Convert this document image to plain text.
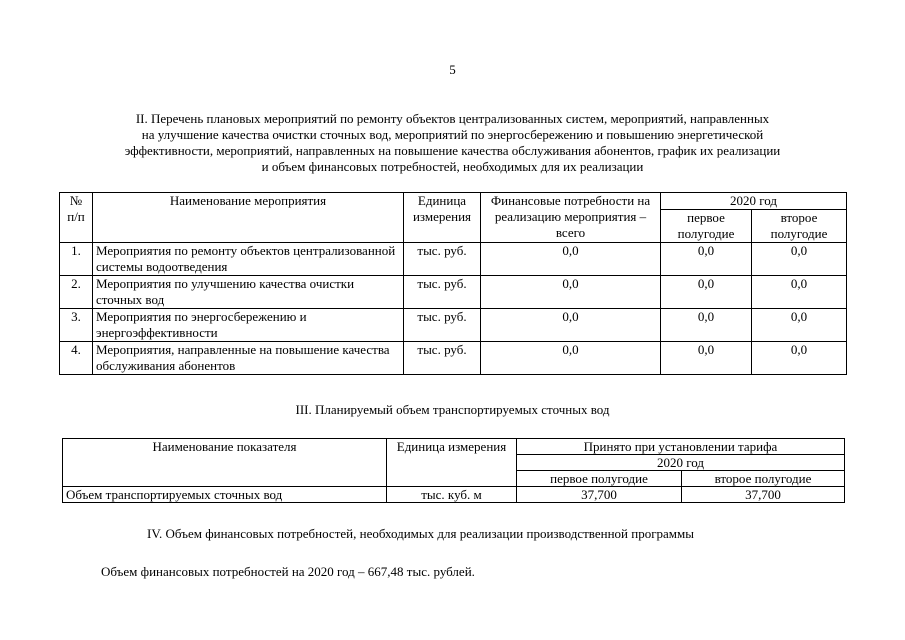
5
II. Перечень плановых мероприятий по ремонту объектов централизованных систем, мероприятий, направленных
на улучшение качества очистки сточных вод, мероприятий по энергосбережению и повышению энергетической
эффективности, мероприятий, направленных на повышение качества обслуживания абонентов, график их реализации
и объем финансовых потребностей, необходимых для их реализации
№ п/п	Наименование мероприятия	Единица измерения	Финансовые потребности на реализацию мероприятия – всего	2020 год	
				первое полугодие	второе полугодие

1.	Мероприятия по ремонту объектов централизованной системы водоотведения	тыс. руб.	0,0	0,0	0,0
2.	Мероприятия по улучшению качества очистки сточных вод	тыс. руб.	0,0	0,0	0,0
3.	Мероприятия по энергосбережению и энергоэффективности	тыс. руб.	0,0	0,0	0,0
4.	Мероприятия, направленные на повышение качества обслуживания абонентов	тыс. руб.	0,0	0,0	0,0
III. Планируемый объем транспортируемых сточных вод
Наименование показателя	Единица измерения	Принято при установлении тарифа	
		2020 год	
		первое полугодие	второе полугодие
Объем транспортируемых сточных вод	тыс. куб. м	37,700	37,700
IV. Объем финансовых потребностей, необходимых для реализации производственной программы
Объем финансовых потребностей на 2020 год – 667,48 тыс. рублей.
